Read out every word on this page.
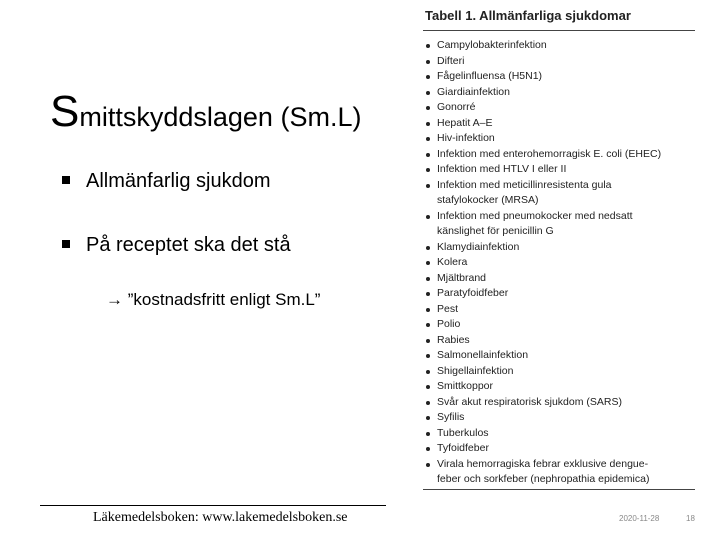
Smittskyddslagen (Sm.L)
Allmänfarlig sjukdom
På receptet ska det stå
→ ”kostnadsfritt enligt Sm.L”
Tabell 1. Allmänfarliga sjukdomar
Campylobakterinfektion
Difteri
Fågelinfluensa (H5N1)
Giardiainfektion
Gonorré
Hepatit A–E
Hiv-infektion
Infektion med enterohemorragisk E. coli (EHEC)
Infektion med HTLV I eller II
Infektion med meticillinresistenta gula
stafylokocker (MRSA)
Infektion med pneumokocker med nedsatt
känslighet för penicillin G
Klamydiainfektion
Kolera
Mjältbrand
Paratyfoidfeber
Pest
Polio
Rabies
Salmonellainfektion
Shigellainfektion
Smittkoppor
Svår akut respiratorisk sjukdom (SARS)
Syfilis
Tuberkulos
Tyfoidfeber
Virala hemorragiska febrar exklusive dengue-
feber och sorkfeber (nephropathia epidemica)
Läkemedelsboken: www.lakemedelsboken.se	2020-11-28	18
